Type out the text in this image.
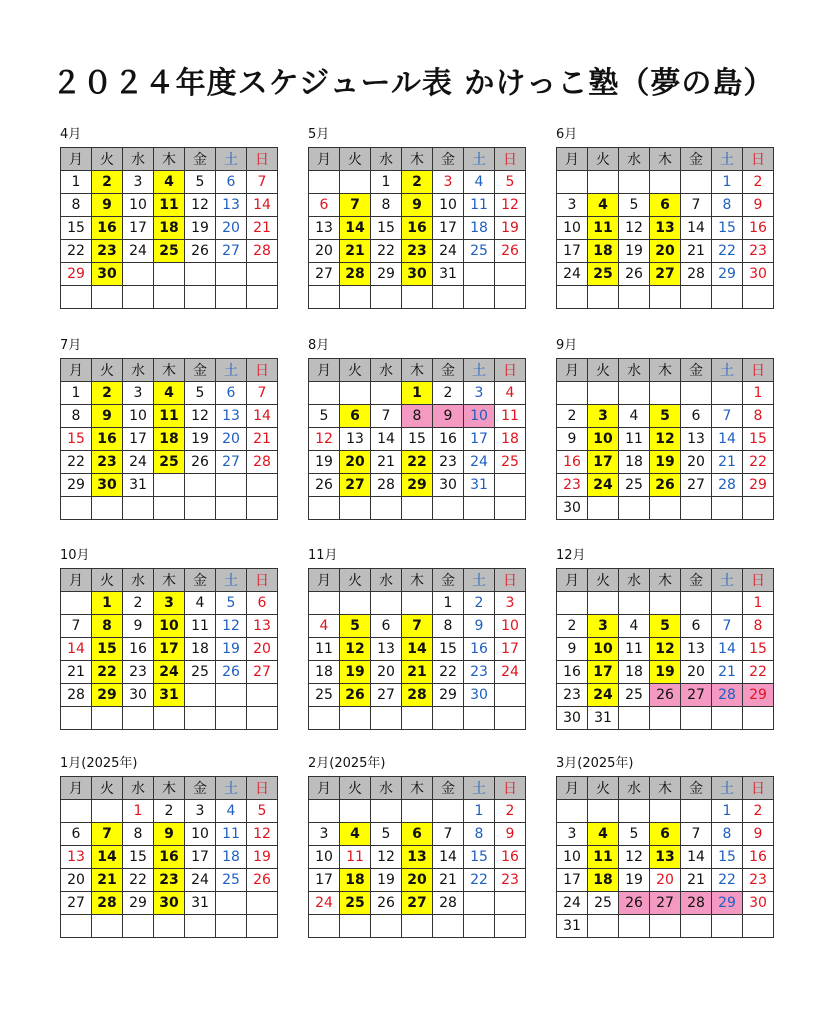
２０２４年度スケジュール表 かけっこ塾（夢の島）
4月
月	火	水	木	金	土	日
1	2	3	4	5	6	7
8	9	10	11	12	13	14
15	16	17	18	19	20	21
22	23	24	25	26	27	28
29	30					

5月
月	火	水	木	金	土	日
		1	2	3	4	5
6	7	8	9	10	11	12
13	14	15	16	17	18	19
20	21	22	23	24	25	26
27	28	29	30	31		

6月
月	火	水	木	金	土	日
					1	2
3	4	5	6	7	8	9
10	11	12	13	14	15	16
17	18	19	20	21	22	23
24	25	26	27	28	29	30

7月
月	火	水	木	金	土	日
1	2	3	4	5	6	7
8	9	10	11	12	13	14
15	16	17	18	19	20	21
22	23	24	25	26	27	28
29	30	31				

8月
月	火	水	木	金	土	日
			1	2	3	4
5	6	7	8	9	10	11
12	13	14	15	16	17	18
19	20	21	22	23	24	25
26	27	28	29	30	31	

9月
月	火	水	木	金	土	日
						1
2	3	4	5	6	7	8
9	10	11	12	13	14	15
16	17	18	19	20	21	22
23	24	25	26	27	28	29
30						
10月
月	火	水	木	金	土	日
	1	2	3	4	5	6
7	8	9	10	11	12	13
14	15	16	17	18	19	20
21	22	23	24	25	26	27
28	29	30	31			

11月
月	火	水	木	金	土	日
				1	2	3
4	5	6	7	8	9	10
11	12	13	14	15	16	17
18	19	20	21	22	23	24
25	26	27	28	29	30	

12月
月	火	水	木	金	土	日
						1
2	3	4	5	6	7	8
9	10	11	12	13	14	15
16	17	18	19	20	21	22
23	24	25	26	27	28	29
30	31					
1月(2025年)
月	火	水	木	金	土	日
		1	2	3	4	5
6	7	8	9	10	11	12
13	14	15	16	17	18	19
20	21	22	23	24	25	26
27	28	29	30	31		

2月(2025年)
月	火	水	木	金	土	日
					1	2
3	4	5	6	7	8	9
10	11	12	13	14	15	16
17	18	19	20	21	22	23
24	25	26	27	28		

3月(2025年)
月	火	水	木	金	土	日
					1	2
3	4	5	6	7	8	9
10	11	12	13	14	15	16
17	18	19	20	21	22	23
24	25	26	27	28	29	30
31						
